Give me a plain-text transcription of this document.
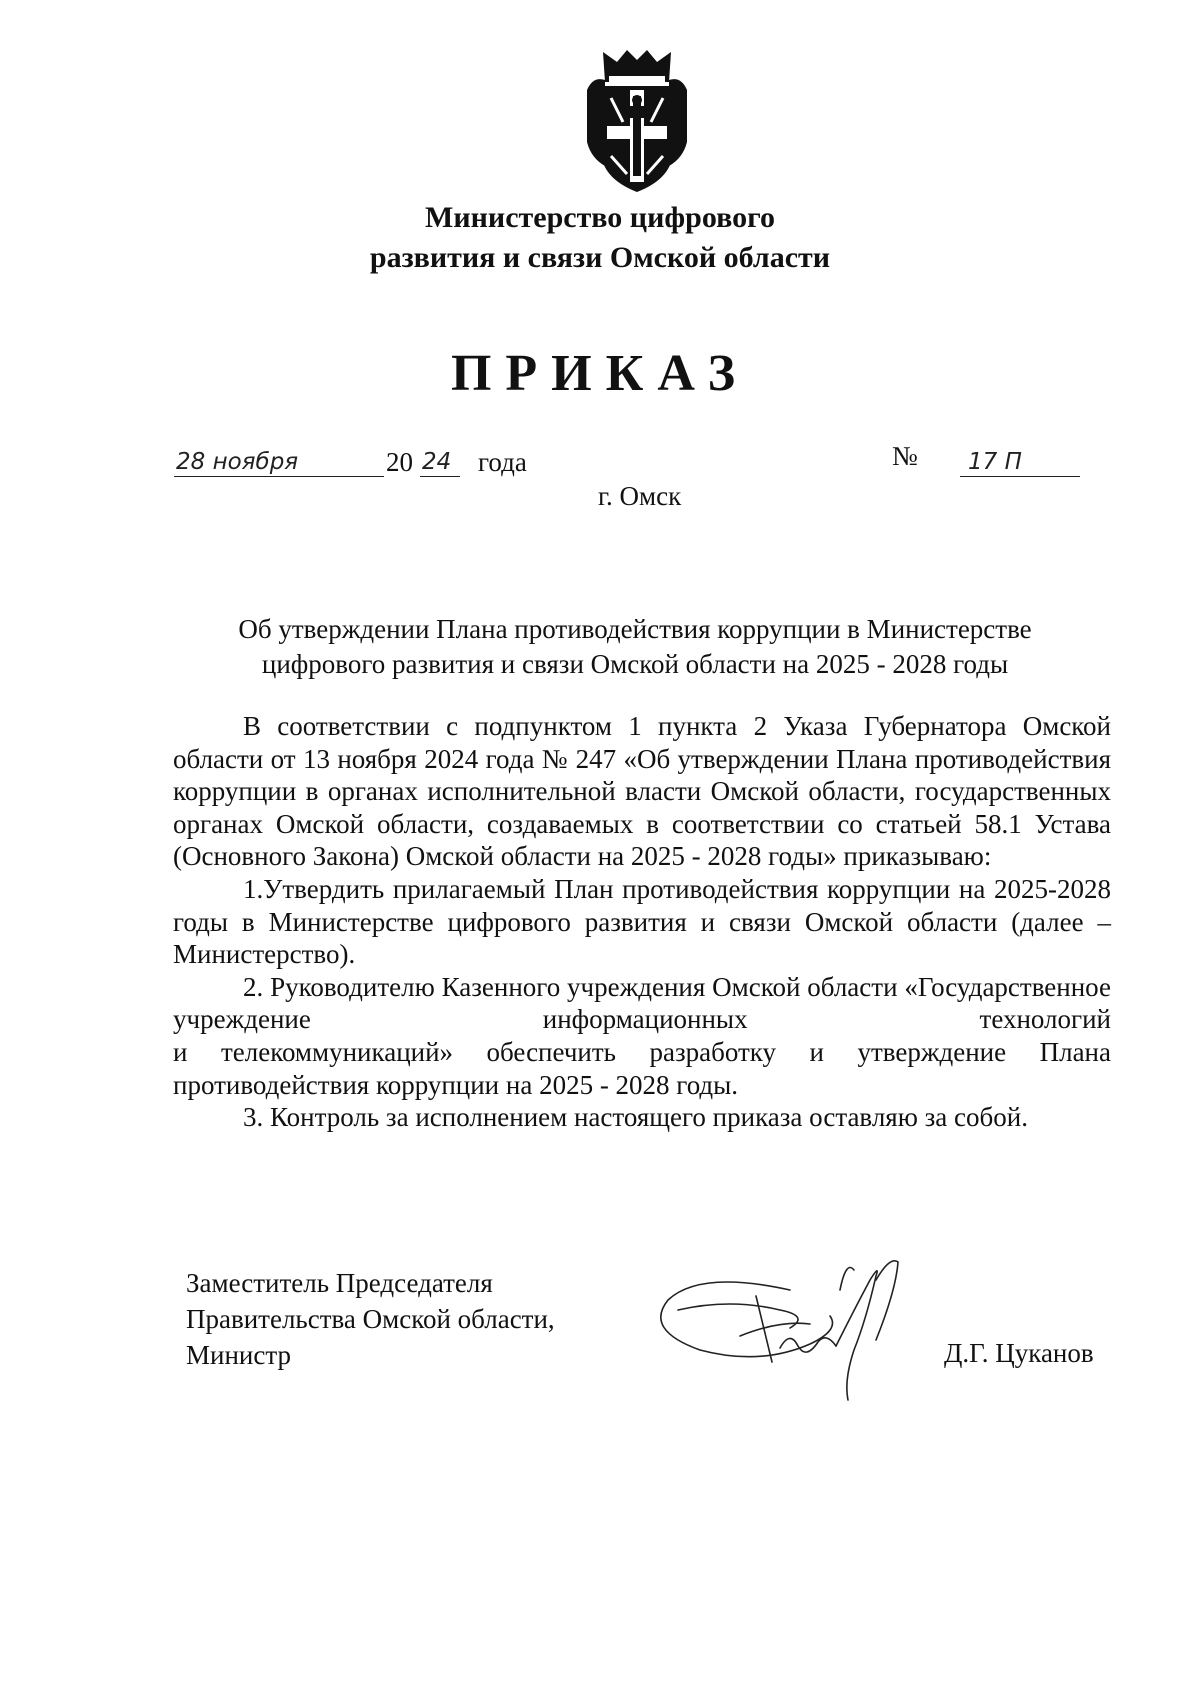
Министерство цифрового
развития и связи Омской области
ПРИКАЗ
28 ноября	20 24 года	№ 17 П
г. Омск
Об утверждении Плана противодействия коррупции в Министерстве
цифрового развития и связи Омской области на 2025 - 2028 годы

В соответствии с подпунктом 1 пункта 2 Указа Губернатора Омской области от 13 ноября 2024 года № 247 «Об утверждении Плана противодействия коррупции в органах исполнительной власти Омской области, государственных органах Омской области, создаваемых в соответствии со статьей 58.1 Устава (Основного Закона) Омской области на 2025 - 2028 годы» приказываю:

1.Утвердить прилагаемый План противодействия коррупции на 2025-2028 годы в Министерстве цифрового развития и связи Омской области (далее – Министерство).

2. Руководителю Казенного учреждения Омской области «Государственное учреждение информационных технологий

и телекоммуникаций» обеспечить разработку и утверждение Плана противодействия коррупции на 2025 - 2028 годы.

3. Контроль за исполнением настоящего приказа оставляю за собой.

Заместитель Председателя
Правительства Омской области,
Министр	Д.Г. Цуканов
